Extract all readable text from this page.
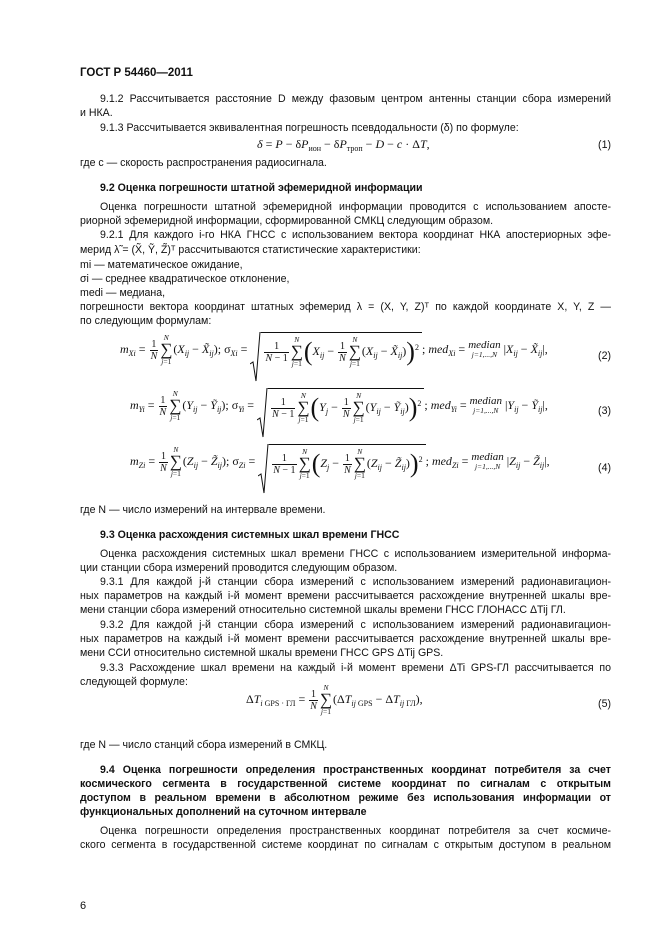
ГОСТ Р 54460—2011
9.1.2 Рассчитывается расстояние D между фазовым центром антенны станции сбора измерений
и НКА.
9.1.3 Рассчитывается эквивалентная погрешность псевдодальности (δ) по формуле:
где c — скорость распространения радиосигнала.
9.2 Оценка погрешности штатной эфемеридной информации
Оценка погрешности штатной эфемеридной информации проводится с использованием апосте-
риорной эфемеридной информации, сформированной СМКЦ следующим образом.
9.2.1 Для каждого i-го НКА ГНСС с использованием вектора координат НКА апостериорных эфе-
мерид λ̃ = (X̃, Ỹ, Z̃)ᵀ рассчитываются статистические характеристики:
mi — математическое ожидание,
σi — среднее квадратическое отклонение,
medi — медиана,
погрешности вектора координат штатных эфемерид λ = (X, Y, Z)ᵀ по каждой координате X, Y, Z —
по следующим формулам:
где N — число измерений на интервале времени.
9.3 Оценка расхождения системных шкал времени ГНСС
Оценка расхождения системных шкал времени ГНСС с использованием измерительной информа-
ции станции сбора измерений проводится следующим образом.
9.3.1 Для каждой j-й станции сбора измерений с использованием измерений радионавигацион-
ных параметров на каждый i-й момент времени рассчитывается расхождение внутренней шкалы вре-
мени станции сбора измерений относительно системной шкалы времени ГНСС ГЛОНАСС ΔTij ГЛ.
9.3.2 Для каждой j-й станции сбора измерений с использованием измерений радионавигацион-
ных параметров на каждый i-й момент времени рассчитывается расхождение внутренней шкалы вре-
мени ССИ относительно системной шкалы времени ГНСС GPS ΔTij GPS.
9.3.3 Расхождение шкал времени на каждый i-й момент времени ΔTi GPS-ГЛ рассчитывается по
следующей формуле:
где N — число станций сбора измерений в СМКЦ.
9.4 Оценка погрешности определения пространственных координат потребителя за счет
космического сегмента в государственной системе координат по сигналам с открытым
доступом в реальном времени в абсолютном режиме без использования информации от
функциональных дополнений на суточном интервале
Оценка погрешности определения пространственных координат потребителя за счет космиче-
ского сегмента в государственной системе координат по сигналам с открытым доступом в реальном
(1)
(2)
(3)
(4)
(5)
$\delta = P - \delta P_{ион} - \delta P_{троп} - D - c \cdot \Delta T$,
$m_{Xi} = \frac{1}{N}$
N
∑
$j=1(X_{ij}$ − $X̃_{ij}$); $\sigma_{Xi} = \frac{1}{N - 1}$
N
∑
$j=1(X_{ij} - \frac{1}{N}$
N
∑
$j=1(X_{ij}$ − $X̃_{ij}))^2$ ; med$_{Xi}$ = median
j=1,...,N $|X_{ij}$ − $X̃_{ij}|$,
$m_{Yi} = \frac{1}{N}$
N
∑
$j=1(Y_{ij}$ − Ỹ$_{ij}$); $\sigma_{Yi} = \frac{1}{N - 1}$
N
∑
$j=1(Y_j - \frac{1}{N}$
N
∑
$j=1(Y_{ij}$ − Ỹ$_{ij}$))$^2$ ; med$_{Yi}$ = median
j=1,...,N $|Y_{ij}$ − Ỹ$_{ij}$|,
$m_{Zi} = \frac{1}{N}$
N
∑
$j=1(Z_{ij}$ − $Z̃_{ij}$); $\sigma_{Zi} = \frac{1}{N - 1}$
N
∑
$j=1(Z_j - \frac{1}{N}$
N
∑
$j=1(Z_{ij}$ − $Z̃_{ij}))^2$ ; med$_{Zi}$ = median
j=1,...,N $|Z_{ij}$ − $Z̃_{ij}|$,
$\Delta T_{i GPS \cdot ГЛ} = \frac{1}{N}$
N
∑
$j=1(\Delta T_{ij GPS} - \Delta T_{ij ГЛ})$,
6
